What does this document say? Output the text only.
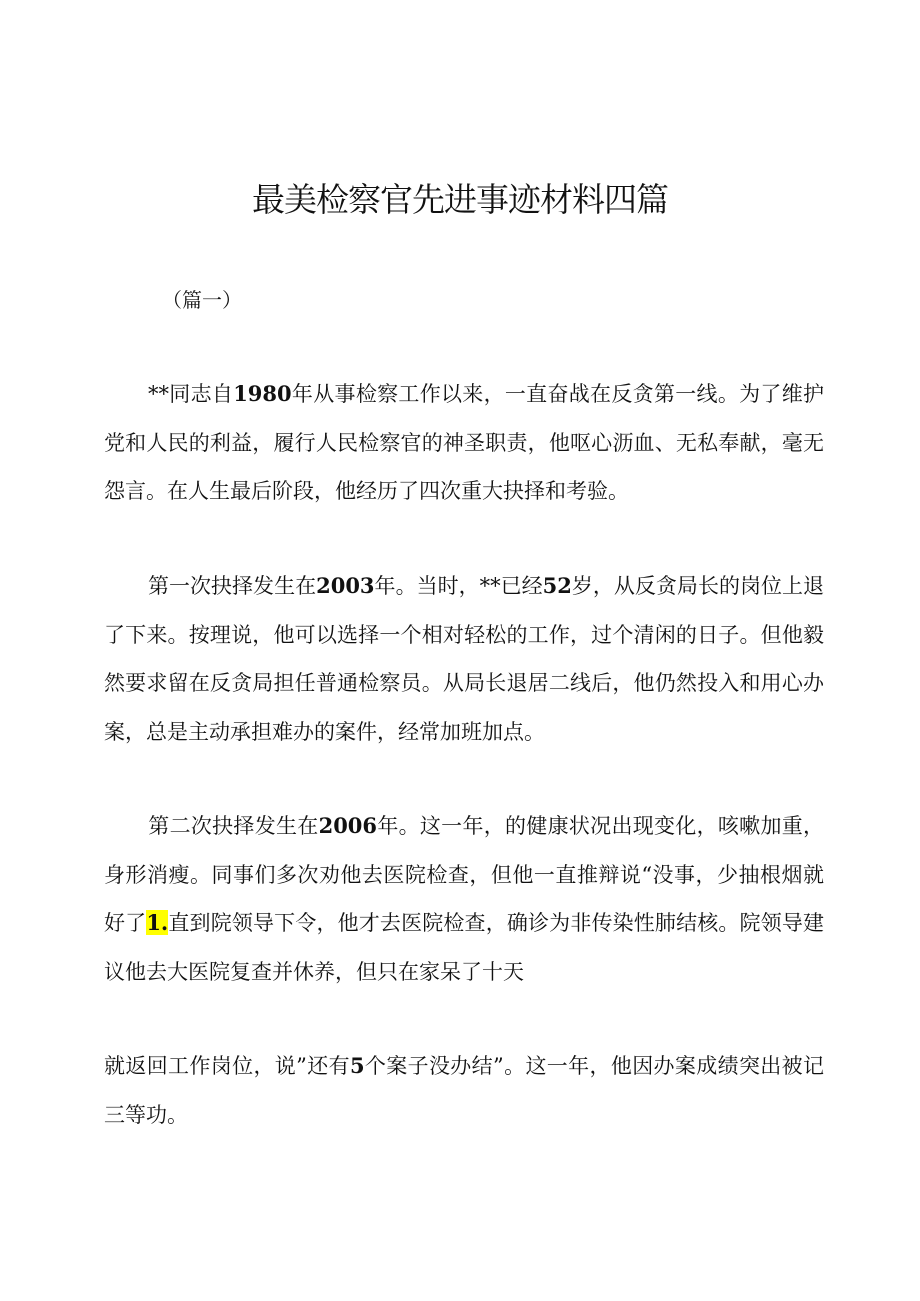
最美检察官先进事迹材料四篇
（篇一）

**同志自1980年从事检察工作以来，一直奋战在反贪第一线。为了维护党和人民的利益，履行人民检察官的神圣职责，他呕心沥血、无私奉献，毫无怨言。在人生最后阶段，他经历了四次重大抉择和考验。

第一次抉择发生在2003年。当时，**已经52岁，从反贪局长的岗位上退了下来。按理说，他可以选择一个相对轻松的工作，过个清闲的日子。但他毅然要求留在反贪局担任普通检察员。从局长退居二线后，他仍然投入和用心办案，总是主动承担难办的案件，经常加班加点。

第二次抉择发生在2006年。这一年，的健康状况出现变化，咳嗽加重，身形消瘦。同事们多次劝他去医院检查，但他一直推辩说“没事，少抽根烟就好了1.直到院领导下令，他才去医院检查，确诊为非传染性肺结核。院领导建议他去大医院复查并休养，但只在家呆了十天

就返回工作岗位，说”还有5个案子没办结”。这一年，他因办案成绩突出被记三等功。
